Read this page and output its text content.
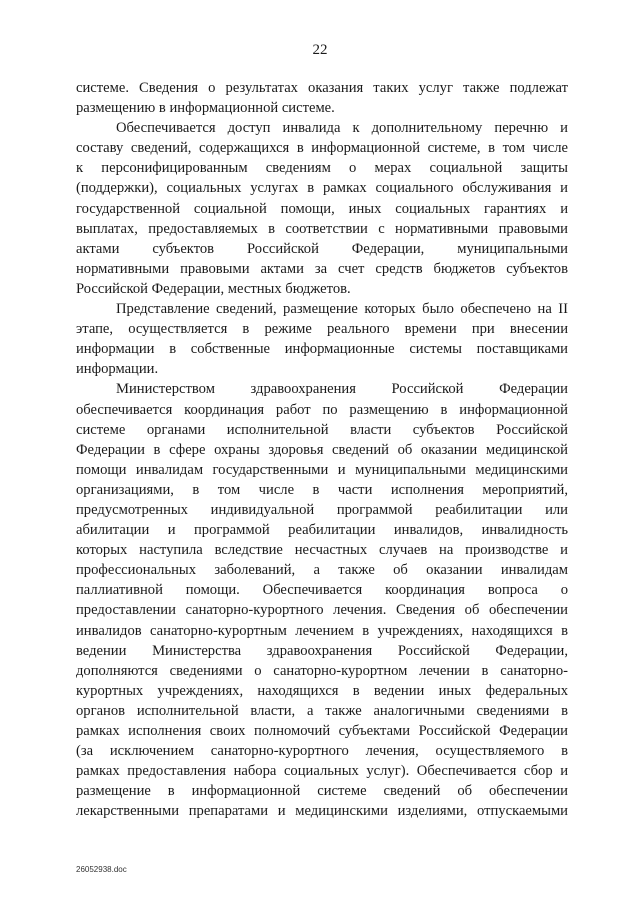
22
системе. Сведения о результатах оказания таких услуг также подлежат
размещению в информационной системе.
Обеспечивается доступ инвалида к дополнительному перечню и
составу сведений, содержащихся в информационной системе, в том числе
к персонифицированным сведениям о мерах социальной защиты
(поддержки), социальных услугах в рамках социального обслуживания и
государственной социальной помощи, иных социальных гарантиях и
выплатах, предоставляемых в соответствии с нормативными правовыми
актами субъектов Российской Федерации, муниципальными
нормативными правовыми актами за счет средств бюджетов субъектов
Российской Федерации, местных бюджетов.
Представление сведений, размещение которых было обеспечено на II
этапе, осуществляется в режиме реального времени при внесении
информации в собственные информационные системы поставщиками
информации.
Министерством здравоохранения Российской Федерации
обеспечивается координация работ по размещению в информационной
системе органами исполнительной власти субъектов Российской
Федерации в сфере охраны здоровья сведений об оказании медицинской
помощи инвалидам государственными и муниципальными медицинскими
организациями, в том числе в части исполнения мероприятий,
предусмотренных индивидуальной программой реабилитации или
абилитации и программой реабилитации инвалидов, инвалидность
которых наступила вследствие несчастных случаев на производстве и
профессиональных заболеваний, а также об оказании инвалидам
паллиативной помощи. Обеспечивается координация вопроса о
предоставлении санаторно-курортного лечения. Сведения об обеспечении
инвалидов санаторно-курортным лечением в учреждениях, находящихся в
ведении Министерства здравоохранения Российской Федерации,
дополняются сведениями о санаторно-курортном лечении в санаторно-
курортных учреждениях, находящихся в ведении иных федеральных
органов исполнительной власти, а также аналогичными сведениями в
рамках исполнения своих полномочий субъектами Российской Федерации
(за исключением санаторно-курортного лечения, осуществляемого в
рамках предоставления набора социальных услуг). Обеспечивается сбор и
размещение в информационной системе сведений об обеспечении
лекарственными препаратами и медицинскими изделиями, отпускаемыми
26052938.doc
